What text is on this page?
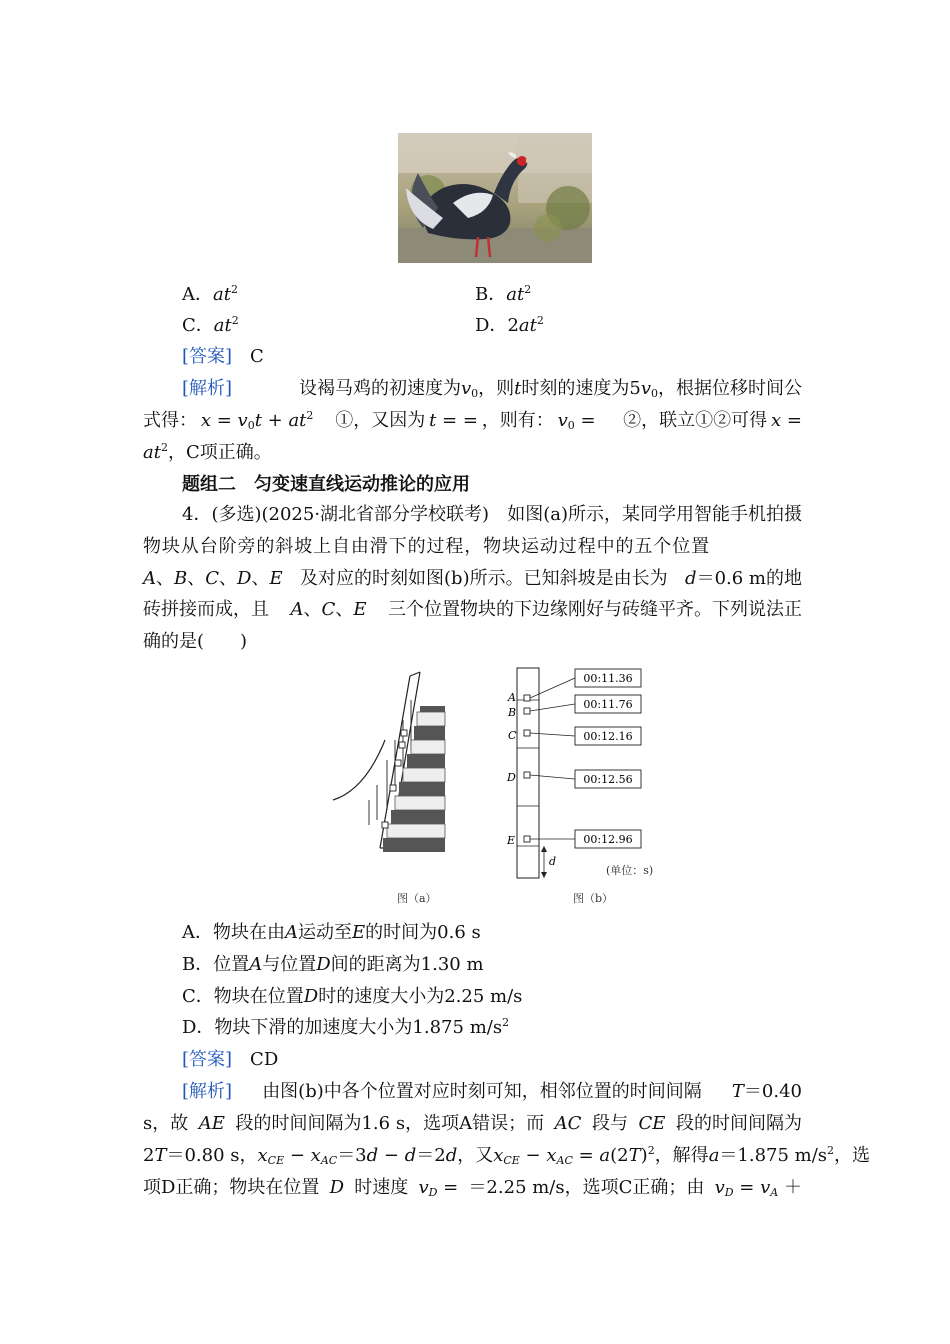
A．$at^2$	B．$at^2$
C．$at^2$	D．$2at^2$
[答案]　 C
[解析]	设褐马鸡的初速度为$v_0$，则t时刻的速度为$5v_0$，根据位移时间公
式得： $x = v_0t + at^2$　	①，又因为 t = = ，则有： $v_0$ = 　 ②，联立①②可得 x =
$at^2$，C项正确。
题组二　匀变速直线运动推论的应用
4．(多选)(2025·湖北省部分学校联考) 如图(a)所示，某同学用智能手机拍摄
物块从台阶旁的斜坡上自由滑下的过程，物块运动过程中的五个位置
A、B、C、D、E 及对应的时刻如图(b)所示。已知斜坡是由长为 d＝0.6 m的地
砖拼接而成，且 A、C、E 三个位置物块的下边缘刚好与砖缝平齐。下列说法正
确的是(　　)
图（a）
A
B
C
D
E
00:11.36
00:11.76
00:12.16
00:12.56
00:12.96
d
(单位：s)
图（b）
A．物块在由A运动至E的时间为0.6 s
B．位置A与位置D间的距离为1.30 m
C．物块在位置D时的速度大小为2.25 m/s
D．物块下滑的加速度大小为1.875 $m/s^2$
[答案]　 CD
[解析] 由图(b)中各个位置对应时刻可知，相邻位置的时间间隔 T＝0.40
s，故 AE 段的时间间隔为1.6 s，选项A错误；而 AC 段与 CE 段的时间间隔为
2T＝0.80 s， $x_{CE} - x_{AC}=3d - d=2d$ ，又 $x_{CE} - x_{AC} = a(2T)^2$ ，解得 a＝1.875 $m/s^2$ ，选
项D正确；物块在位置 D 时速度 $v_D = =2.25$ m/s，选项C正确；由 $v_D = v_A$ ＋
